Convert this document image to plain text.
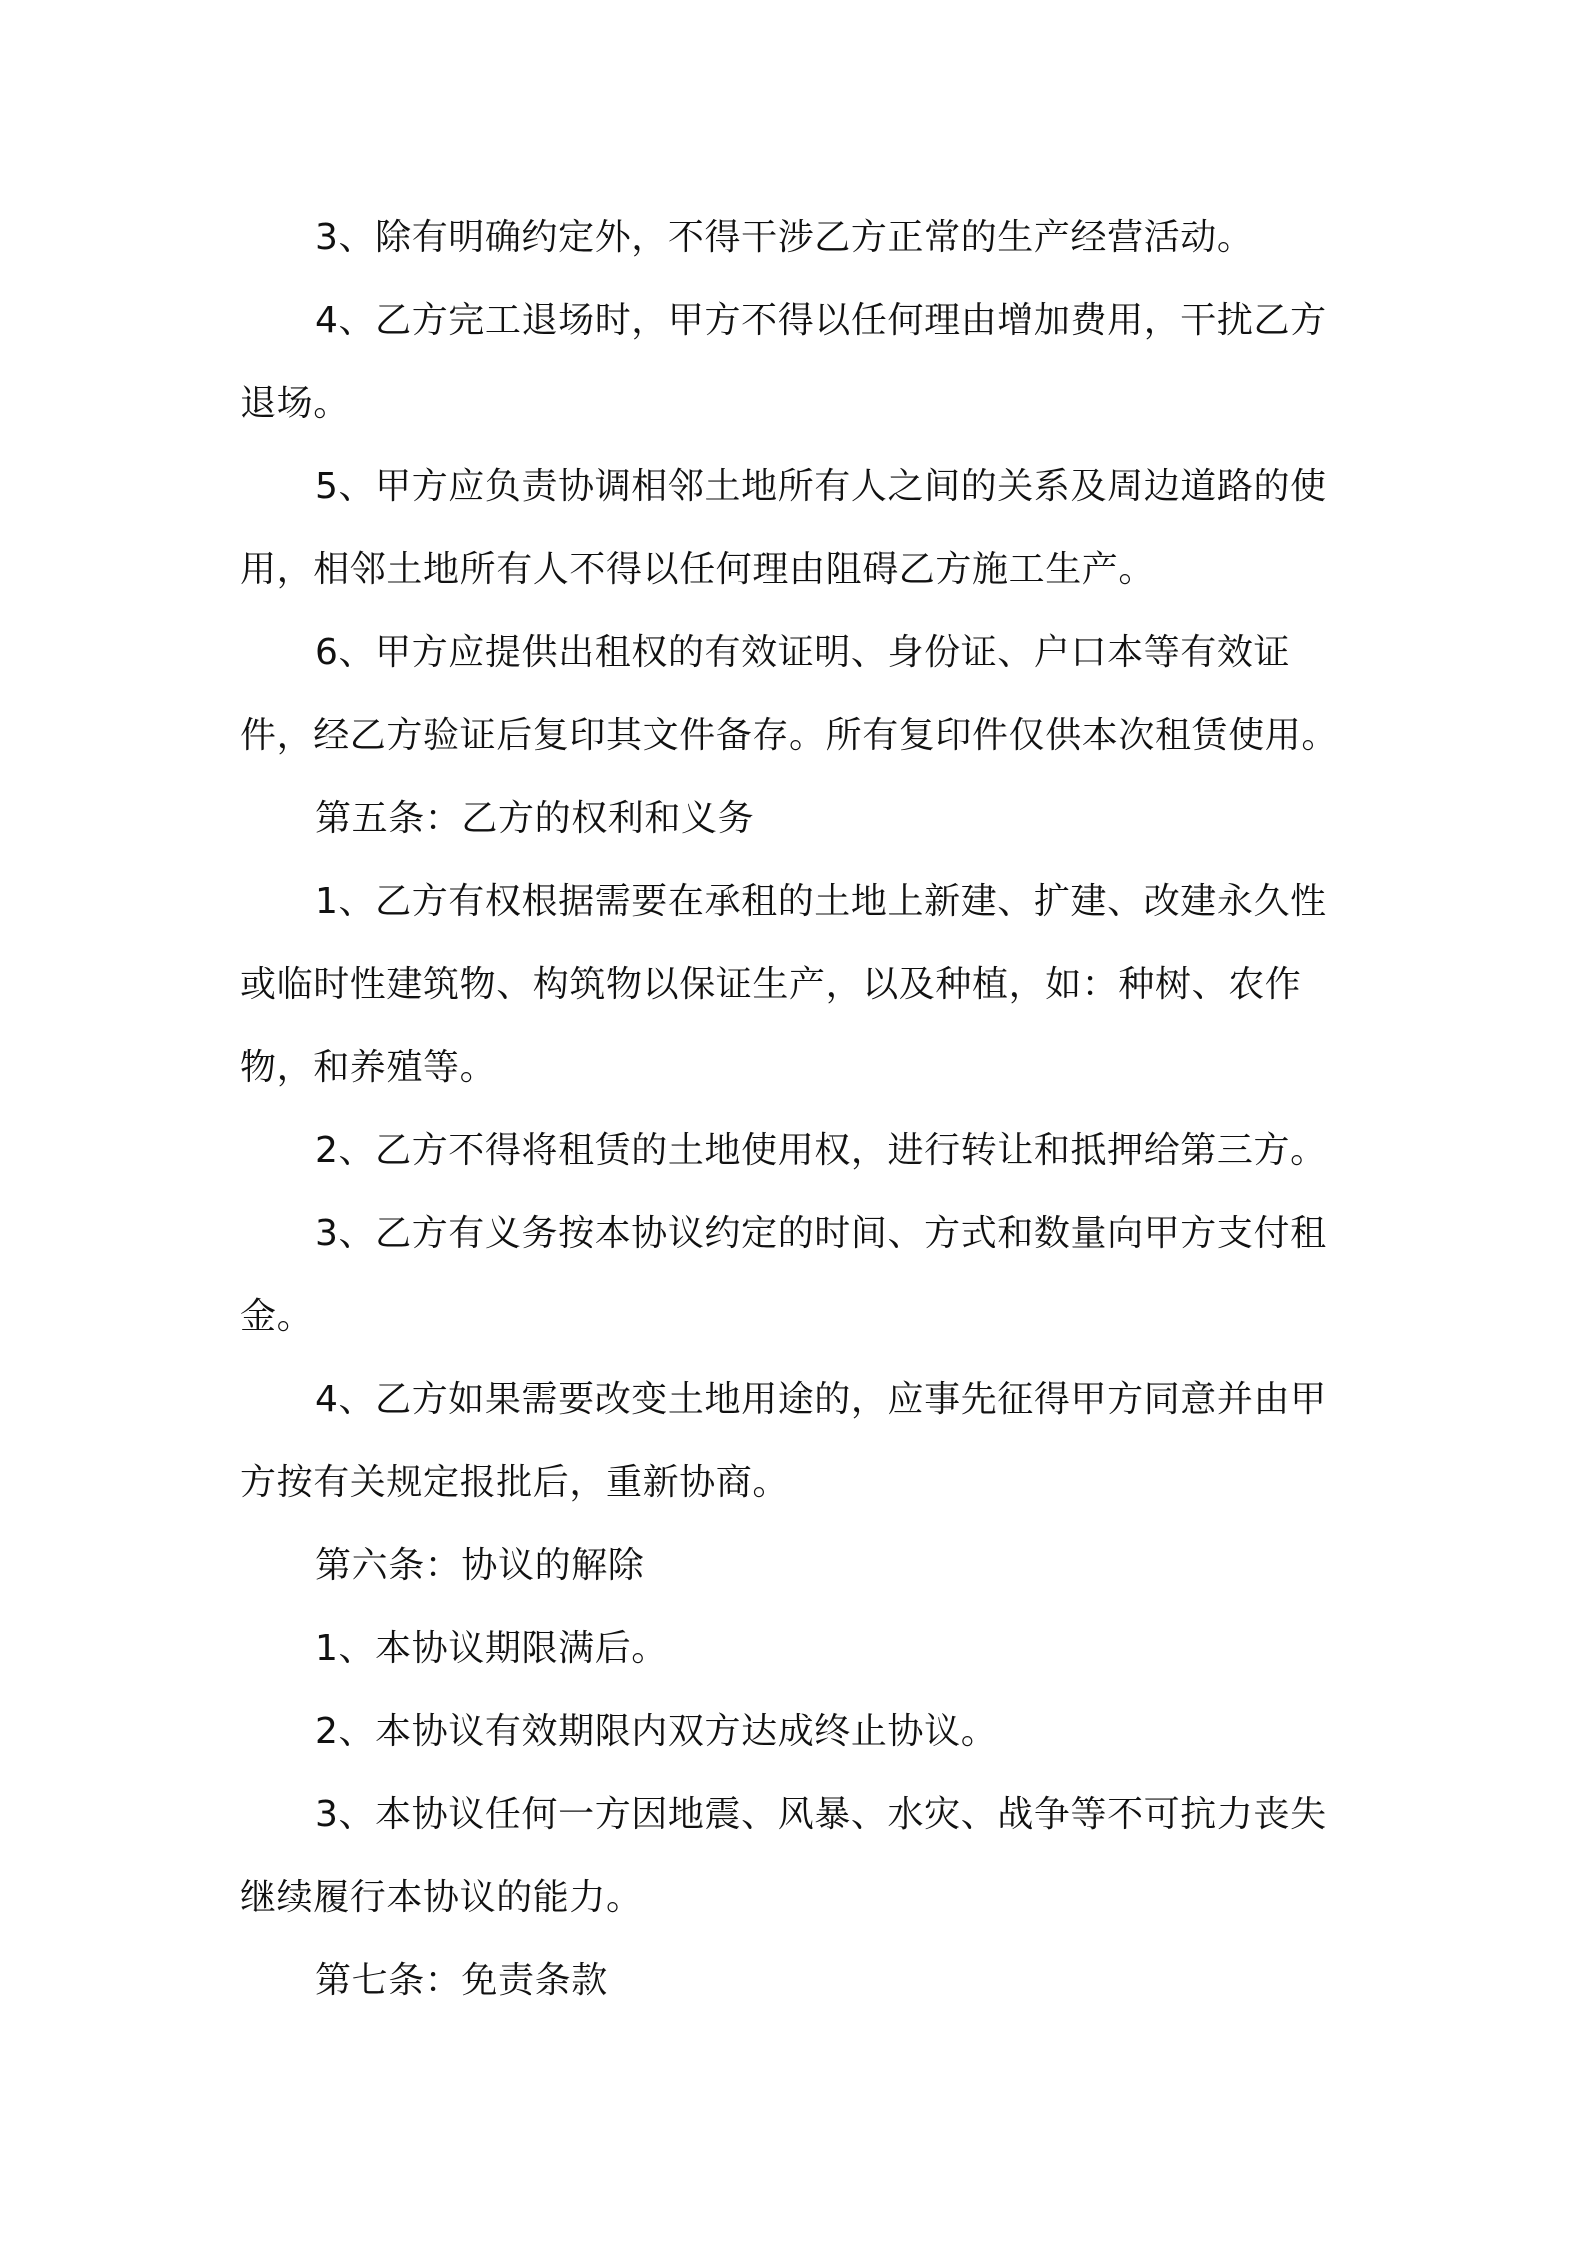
3、除有明确约定外，不得干涉乙方正常的生产经营活动。

4、乙方完工退场时，甲方不得以任何理由增加费用，干扰乙方退场。

5、甲方应负责协调相邻土地所有人之间的关系及周边道路的使用，相邻土地所有人不得以任何理由阻碍乙方施工生产。

6、甲方应提供出租权的有效证明、身份证、户口本等有效证件，经乙方验证后复印其文件备存。所有复印件仅供本次租赁使用。

第五条：乙方的权利和义务

1、乙方有权根据需要在承租的土地上新建、扩建、改建永久性或临时性建筑物、构筑物以保证生产，以及种植，如：种树、农作物，和养殖等。

2、乙方不得将租赁的土地使用权，进行转让和抵押给第三方。

3、乙方有义务按本协议约定的时间、方式和数量向甲方支付租金。

4、乙方如果需要改变土地用途的，应事先征得甲方同意并由甲方按有关规定报批后，重新协商。

第六条：协议的解除

1、本协议期限满后。

2、本协议有效期限内双方达成终止协议。

3、本协议任何一方因地震、风暴、水灾、战争等不可抗力丧失继续履行本协议的能力。

第七条：免责条款
